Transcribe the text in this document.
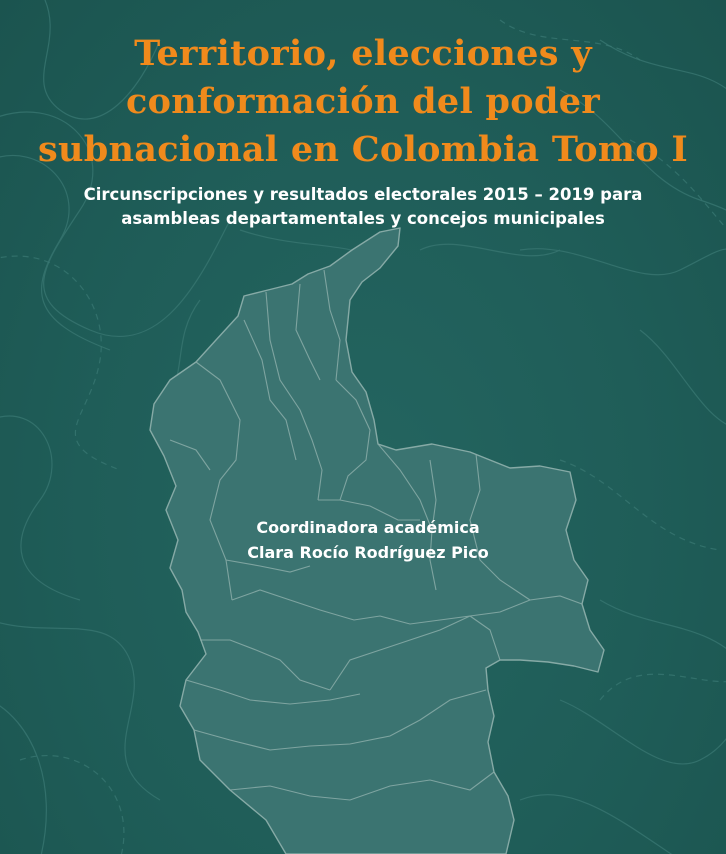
Territorio, elecciones y
conformación del poder
subnacional en Colombia Tomo I

Circunscripciones y resultados electorales 2015 – 2019 para
asambleas departamentales y concejos municipales

Coordinadora académica
Clara Rocío Rodríguez Pico
